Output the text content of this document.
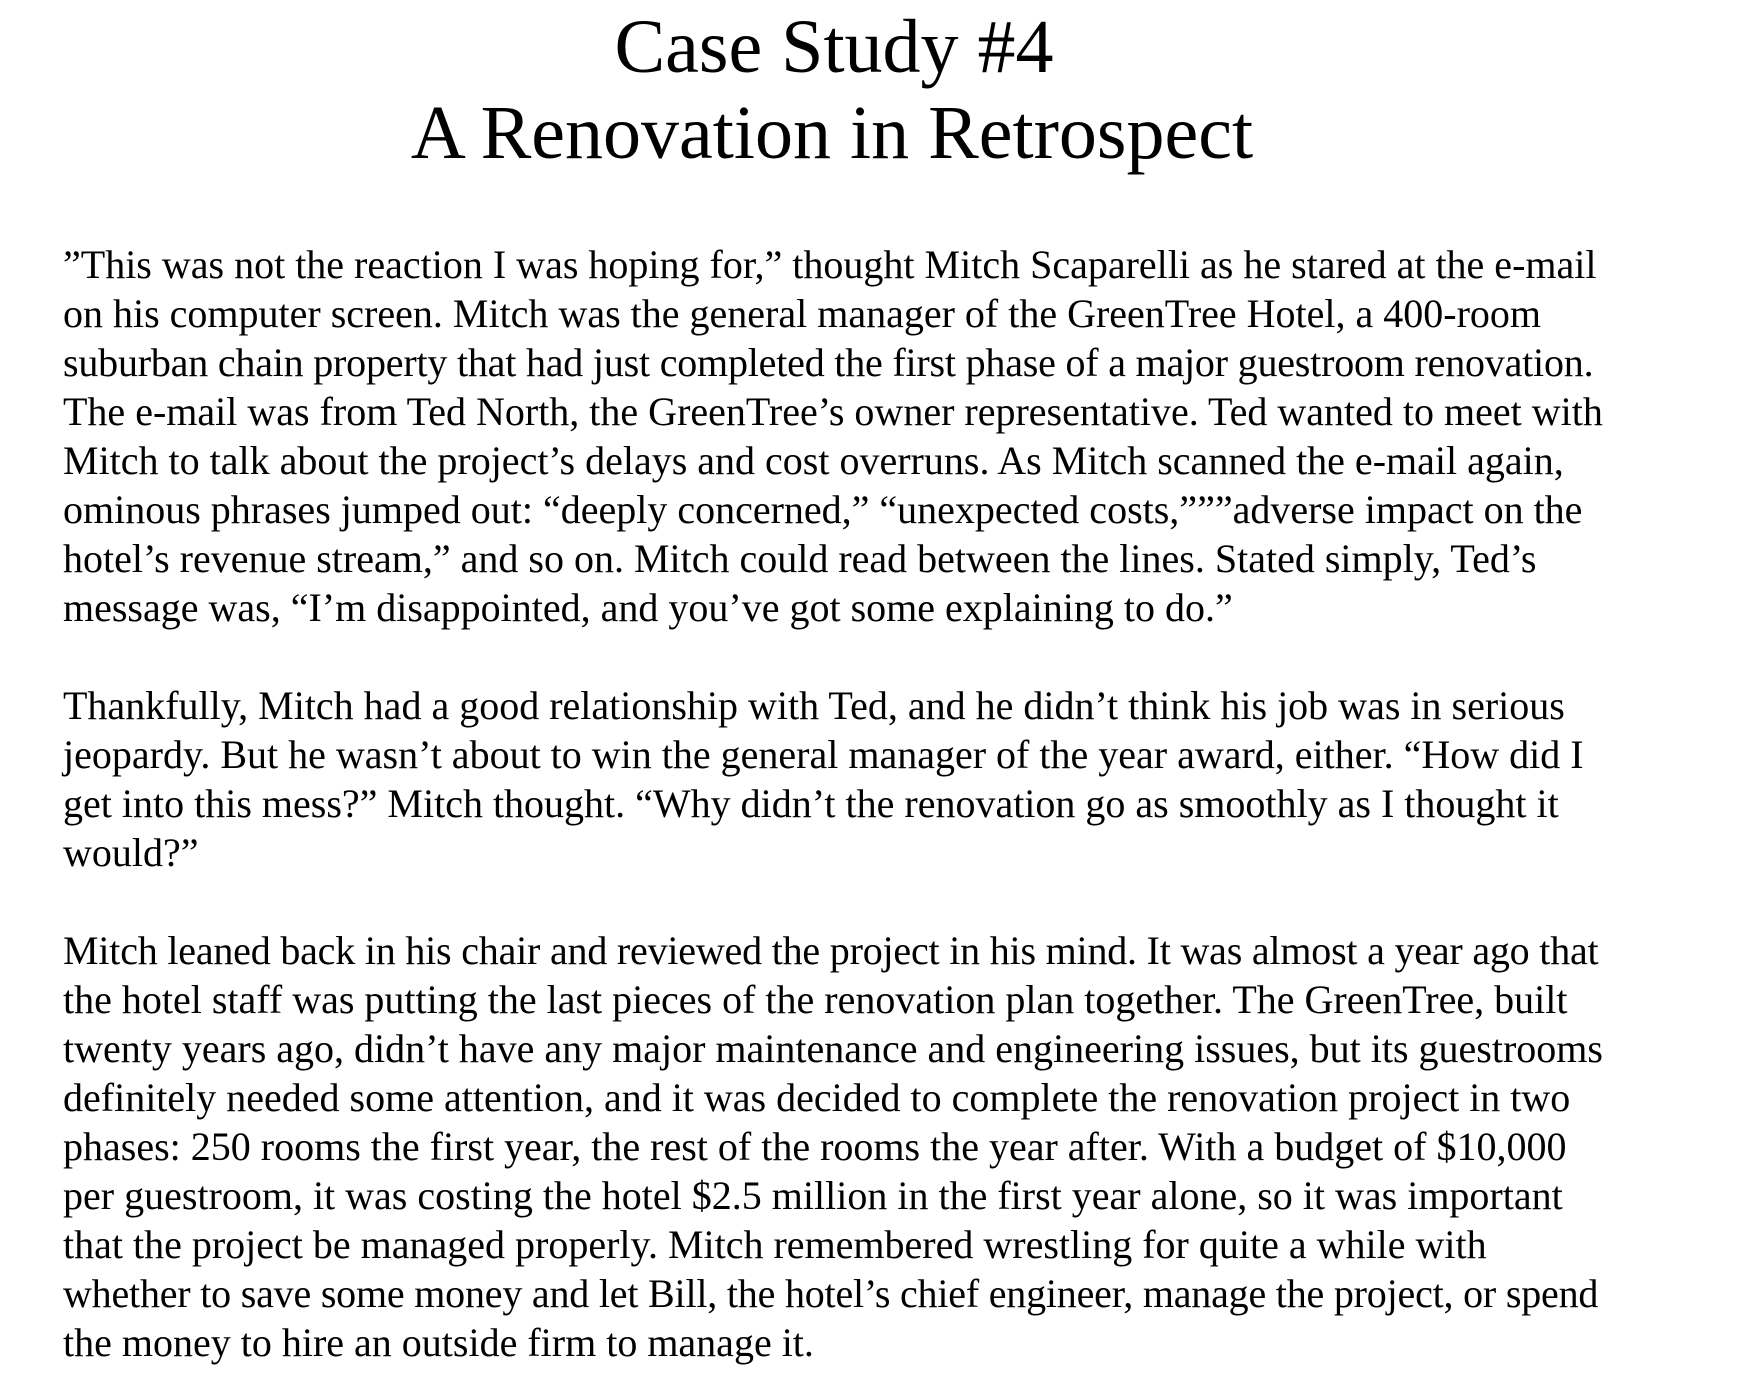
Case Study #4
A Renovation in Retrospect
”This was not the reaction I was hoping for,” thought Mitch Scaparelli as he stared at the e-mail
on his computer screen. Mitch was the general manager of the GreenTree Hotel, a 400-room
suburban chain property that had just completed the first phase of a major guestroom renovation.
The e-mail was from Ted North, the GreenTree’s owner representative. Ted wanted to meet with
Mitch to talk about the project’s delays and cost overruns. As Mitch scanned the e-mail again,
ominous phrases jumped out: “deeply concerned,” “unexpected costs,”””adverse impact on the
hotel’s revenue stream,” and so on. Mitch could read between the lines. Stated simply, Ted’s
message was, “I’m disappointed, and you’ve got some explaining to do.”
Thankfully, Mitch had a good relationship with Ted, and he didn’t think his job was in serious
jeopardy. But he wasn’t about to win the general manager of the year award, either. “How did I
get into this mess?” Mitch thought. “Why didn’t the renovation go as smoothly as I thought it
would?”
Mitch leaned back in his chair and reviewed the project in his mind. It was almost a year ago that
the hotel staff was putting the last pieces of the renovation plan together. The GreenTree, built
twenty years ago, didn’t have any major maintenance and engineering issues, but its guestrooms
definitely needed some attention, and it was decided to complete the renovation project in two
phases: 250 rooms the first year, the rest of the rooms the year after. With a budget of $10,000
per guestroom, it was costing the hotel $2.5 million in the first year alone, so it was important
that the project be managed properly. Mitch remembered wrestling for quite a while with
whether to save some money and let Bill, the hotel’s chief engineer, manage the project, or spend
the money to hire an outside firm to manage it.
